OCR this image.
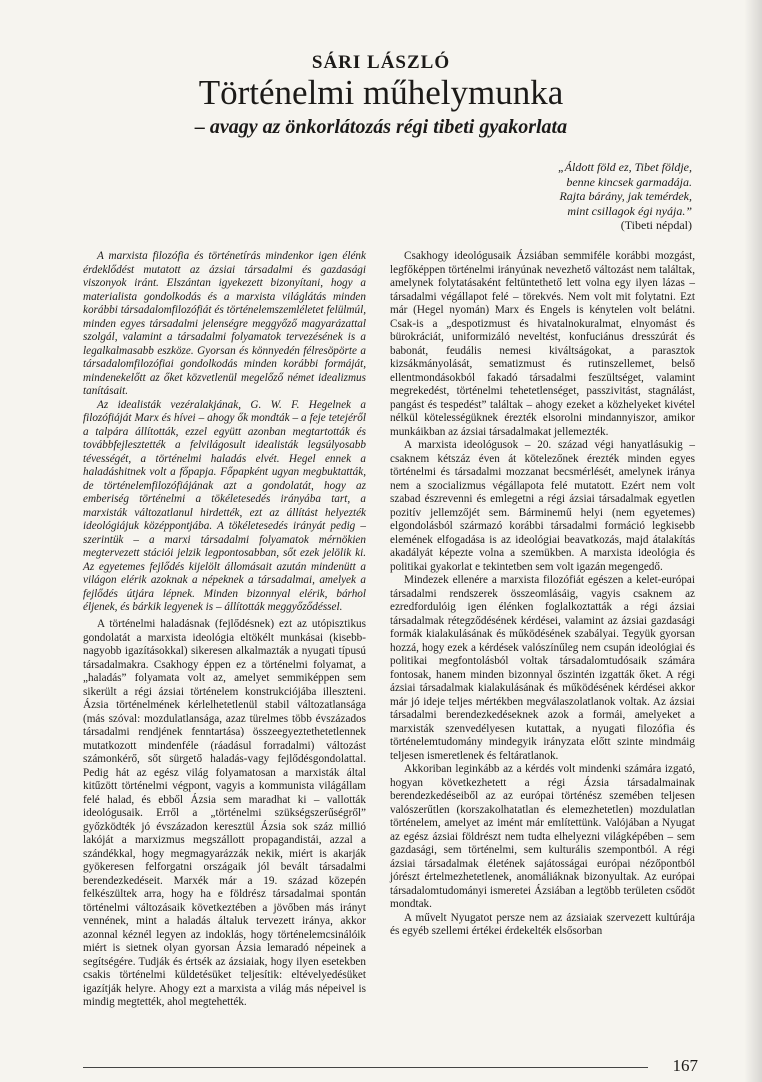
SÁRI LÁSZLÓ
Történelmi műhelymunka
– avagy az önkorlátozás régi tibeti gyakorlata
„Áldott föld ez, Tibet földje,
benne kincsek garmadája.
Rajta bárány, jak temérdek,
mint csillagok égi nyája.”
(Tibeti népdal)

A marxista filozófia és történetírás mindenkor igen élénk érdeklődést mutatott az ázsiai társadalmi és gazdasági viszonyok iránt. Elszántan igyekezett bizonyítani, hogy a materialista gondolkodás és a marxista világlátás minden korábbi társadalomfilozófiát és történelemszemléletet felülmúl, minden egyes társadalmi jelenségre meggyőző magyarázattal szolgál, valamint a társadalmi folyamatok tervezésének is a legalkalmasabb eszköze. Gyorsan és könnyedén félresöpörte a társadalomfilozófiai gondolkodás minden korábbi formáját, mindenekelőtt az őket közvetlenül megelőző német idealizmus tanításait.

Az idealisták vezéralakjának, G. W. F. Hegelnek a filozófiáját Marx és hívei – ahogy ők mondták – a feje tetejéről a talpára állították, ezzel együtt azonban megtartották és továbbfejlesztették a felvilágosult idealisták legsúlyosabb tévességét, a történelmi haladás elvét. Hegel ennek a haladáshitnek volt a főpapja. Főpapként ugyan megbuktatták, de történelemfilozófiájának azt a gondolatát, hogy az emberiség történelmi a tökéletesedés irányába tart, a marxisták változatlanul hirdették, ezt az állítást helyezték ideológiájuk középpontjába. A tökéletesedés irányát pedig – szerintük – a marxi társadalmi folyamatok mérnökien megtervezett stációi jelzik legpontosabban, sőt ezek jelölik ki. Az egyetemes fejlődés kijelölt állomásait azután mindenütt a világon elérik azoknak a népeknek a társadalmai, amelyek a fejlődés útjára lépnek. Minden bizonnyal elérik, bárhol éljenek, és bárkik legyenek is – állították meggyőződéssel.

A történelmi haladásnak (fejlődésnek) ezt az utópisztikus gondolatát a marxista ideológia eltökélt munkásai (kisebb-nagyobb igazításokkal) sikeresen alkalmazták a nyugati típusú társadalmakra. Csakhogy éppen ez a történelmi folyamat, a „haladás” folyamata volt az, amelyet semmiképpen sem sikerült a régi ázsiai történelem konstrukciójába illeszteni. Ázsia történelmének kérlelhetetlenül stabil változatlansága (más szóval: mozdulatlansága, azaz türelmes több évszázados társadalmi rendjének fenntartása) összeegyeztethetetlennek mutatkozott mindenféle (ráadásul forradalmi) változást számonkérő, sőt sürgető haladás-vagy fejlődésgondolattal. Pedig hát az egész világ folyamatosan a marxisták által kitűzött történelmi végpont, vagyis a kommunista világállam felé halad, és ebből Ázsia sem maradhat ki – vallották ideológusaik. Erről a „történelmi szükségszerűségről” győzködték jó évszázadon keresztül Ázsia sok száz millió lakóját a marxizmus megszállott propagandistái, azzal a szándékkal, hogy megmagyarázzák nekik, miért is akarják gyökeresen felforgatni országaik jól bevált társadalmi berendezkedéseit. Marxék már a 19. század közepén felkészültek arra, hogy ha e földrész társadalmai spontán történelmi változásaik következtében a jövőben más irányt vennének, mint a haladás általuk tervezett iránya, akkor azonnal kéznél legyen az indoklás, hogy történelemcsinálóik miért is sietnek olyan gyorsan Ázsia lemaradó népeinek a segítségére. Tudják és értsék az ázsiaiak, hogy ilyen esetekben csakis történelmi küldetésüket teljesítik: eltévelyedésüket igazítják helyre. Ahogy ezt a marxista a világ más népeivel is mindig megtették, ahol megtehették.

Csakhogy ideológusaik Ázsiában semmiféle korábbi mozgást, legfőképpen történelmi irányúnak nevezhető változást nem találtak, amelynek folytatásaként feltüntethető lett volna egy ilyen lázas – társadalmi végállapot felé – törekvés. Nem volt mit folytatni. Ezt már (Hegel nyomán) Marx és Engels is kénytelen volt belátni. Csak-is a „despotizmust és hivatalnokuralmat, elnyomást és bürokráciát, uniformizáló neveltést, konfuciánus dresszúrát és babonát, feudális nemesi kiváltságokat, a parasztok kizsákmányolását, sematizmust és rutinszellemet, belső ellentmondásokból fakadó társadalmi feszültséget, valamint megrekedést, történelmi tehetetlenséget, passzivitást, stagnálást, pangást és tespedést” találtak – ahogy ezeket a közhelyeket kivétel nélkül kötelességüknek érezték elsorolni mindannyiszor, amikor munkáikban az ázsiai társadalmakat jellemezték.

A marxista ideológusok – 20. század végi hanyatlásukig – csaknem kétszáz éven át kötelezőnek érezték minden egyes történelmi és társadalmi mozzanat becsmérlését, amelynek iránya nem a szocializmus végállapota felé mutatott. Ezért nem volt szabad észrevenni és emlegetni a régi ázsiai társadalmak egyetlen pozitív jellemzőjét sem. Bárminemű helyi (nem egyetemes) elgondolásból származó korábbi társadalmi formáció legkisebb elemének elfogadása is az ideológiai beavatkozás, majd átalakítás akadályát képezte volna a szemükben. A marxista ideológia és politikai gyakorlat e tekintetben sem volt igazán megengedő.

Mindezek ellenére a marxista filozófiát egészen a kelet-európai társadalmi rendszerek összeomlásáig, vagyis csaknem az ezredfordulóig igen élénken foglalkoztatták a régi ázsiai társadalmak rétegződésének kérdései, valamint az ázsiai gazdasági formák kialakulásának és működésének szabályai. Tegyük gyorsan hozzá, hogy ezek a kérdések valószínűleg nem csupán ideológiai és politikai megfontolásból voltak társadalomtudósaik számára fontosak, hanem minden bizonnyal őszintén izgatták őket. A régi ázsiai társadalmak kialakulásának és működésének kérdései akkor már jó ideje teljes mértékben megválaszolatlanok voltak. Az ázsiai társadalmi berendezkedéseknek azok a formái, amelyeket a marxisták szenvedélyesen kutattak, a nyugati filozófia és történelemtudomány mindegyik irányzata előtt szinte mindmáig teljesen ismeretlenek és feltáratlanok.

Akkoriban leginkább az a kérdés volt mindenki számára izgató, hogyan következhetett a régi Ázsia társadalmainak berendezkedéseiből az az európai történész szemében teljesen valószerűtlen (korszakolhatatlan és elemezhetetlen) mozdulatlan történelem, amelyet az imént már említettünk. Valójában a Nyugat az egész ázsiai földrészt nem tudta elhelyezni világképében – sem gazdasági, sem történelmi, sem kulturális szempontból. A régi ázsiai társadalmak életének sajátosságai európai nézőpontból jórészt értelmezhetetlenek, anomáliáknak bizonyultak. Az európai társadalomtudományi ismeretei Ázsiában a legtöbb területen csődöt mondtak.

A művelt Nyugatot persze nem az ázsiaiak szervezett kultúrája és egyéb szellemi értékei érdekelték elsősorban

167
